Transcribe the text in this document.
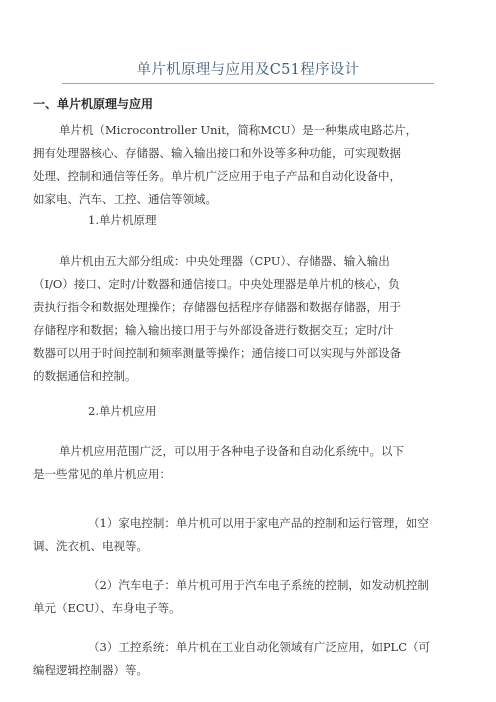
单片机原理与应用及C51程序设计
一、单片机原理与应用
单片机（Microcontroller Unit，简称MCU）是一种集成电路芯片，
拥有处理器核心、存储器、输入输出接口和外设等多种功能，可实现数据
处理、控制和通信等任务。单片机广泛应用于电子产品和自动化设备中，
如家电、汽车、工控、通信等领域。
1.单片机原理
单片机由五大部分组成：中央处理器（CPU）、存储器、输入输出
（I/O）接口、定时/计数器和通信接口。中央处理器是单片机的核心，负
责执行指令和数据处理操作；存储器包括程序存储器和数据存储器，用于
存储程序和数据；输入输出接口用于与外部设备进行数据交互；定时/计
数器可以用于时间控制和频率测量等操作；通信接口可以实现与外部设备
的数据通信和控制。
2.单片机应用
单片机应用范围广泛，可以用于各种电子设备和自动化系统中。以下
是一些常见的单片机应用：
（1）家电控制：单片机可以用于家电产品的控制和运行管理，如空
调、洗衣机、电视等。
（2）汽车电子：单片机可用于汽车电子系统的控制，如发动机控制
单元（ECU）、车身电子等。
（3）工控系统：单片机在工业自动化领域有广泛应用，如PLC（可
编程逻辑控制器）等。
